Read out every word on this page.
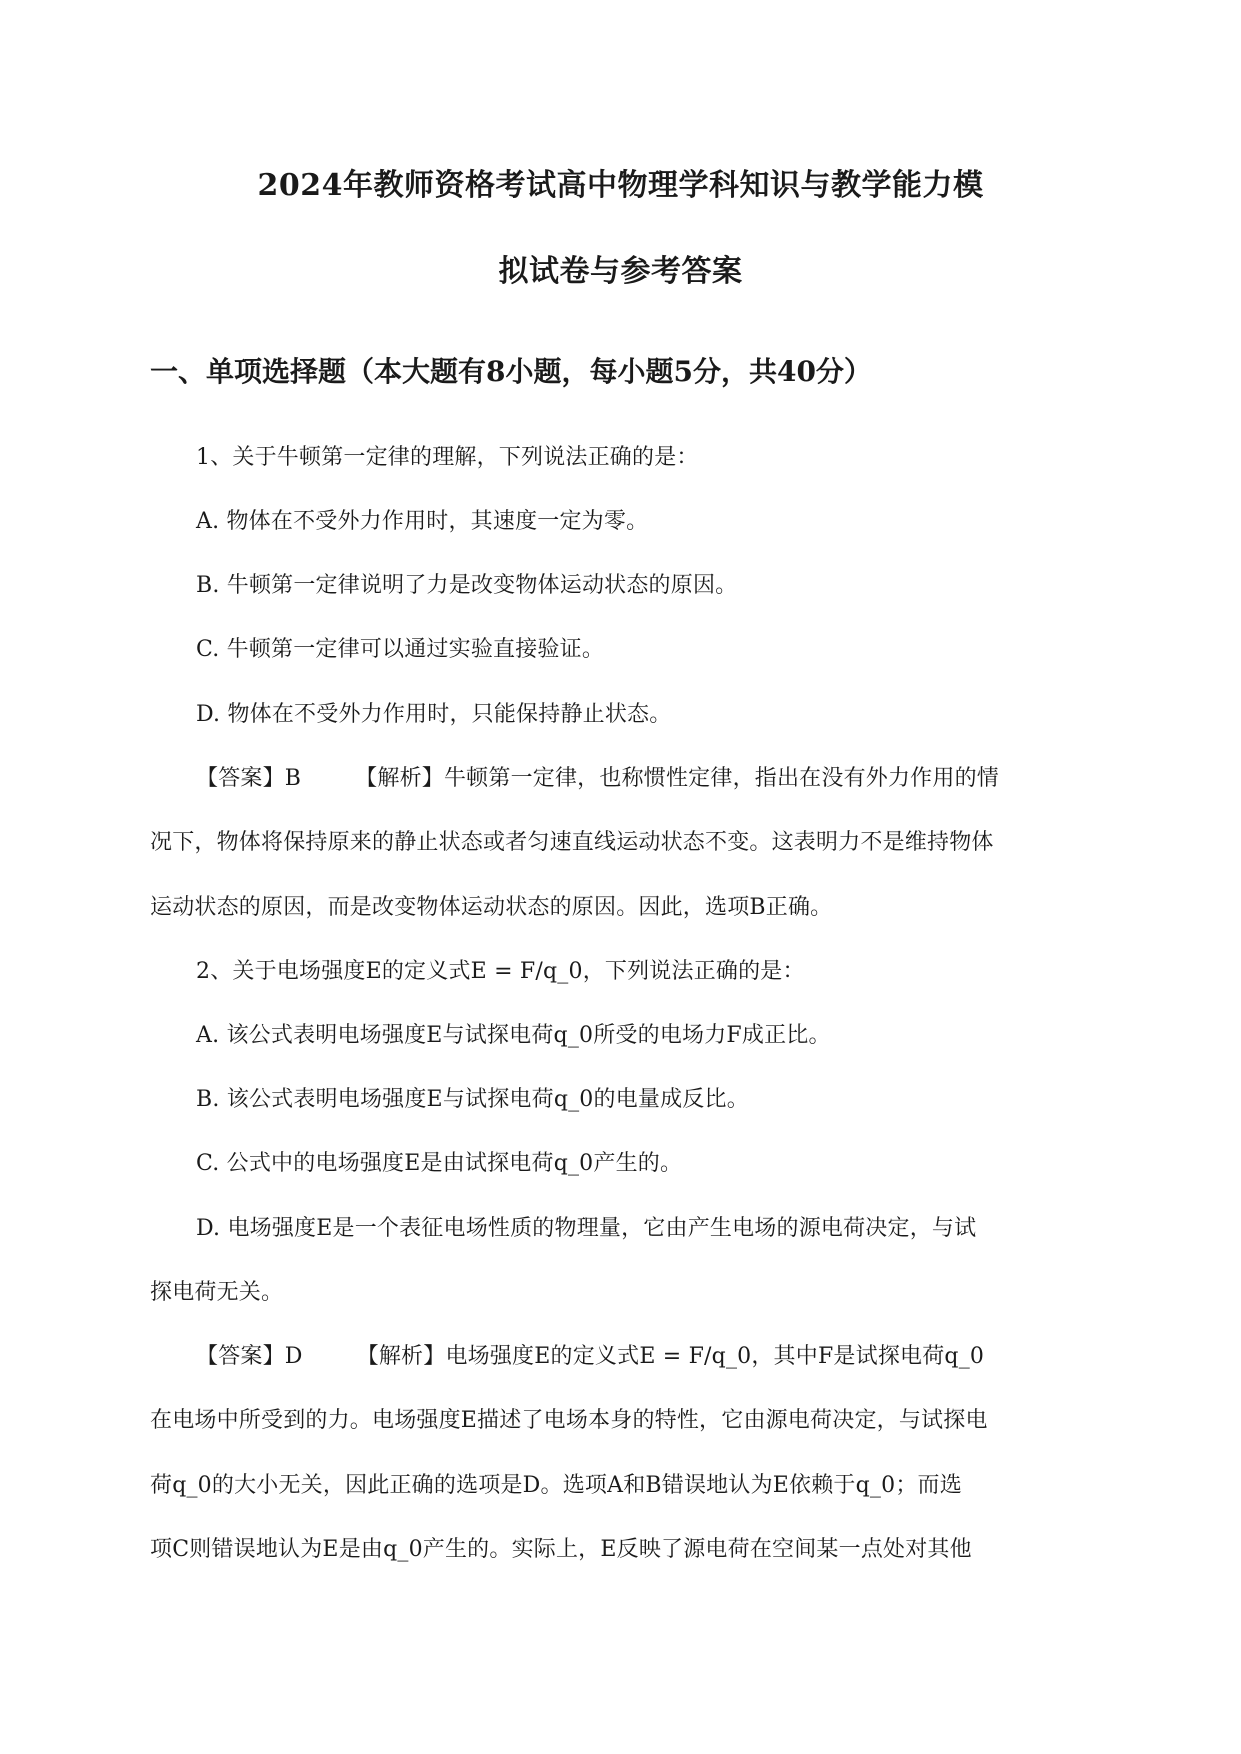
2024年教师资格考试高中物理学科知识与教学能力模
拟试卷与参考答案
一、单项选择题（本大题有8小题，每小题5分，共40分）
1、关于牛顿第一定律的理解，下列说法正确的是：
A. 物体在不受外力作用时，其速度一定为零。
B. 牛顿第一定律说明了力是改变物体运动状态的原因。
C. 牛顿第一定律可以通过实验直接验证。
D. 物体在不受外力作用时，只能保持静止状态。
【答案】B 【解析】牛顿第一定律，也称惯性定律，指出在没有外力作用的情
况下，物体将保持原来的静止状态或者匀速直线运动状态不变。这表明力不是维持物体
运动状态的原因，而是改变物体运动状态的原因。因此，选项B正确。
2、关于电场强度E的定义式E = F/q_0，下列说法正确的是：
A. 该公式表明电场强度E与试探电荷q_0所受的电场力F成正比。
B. 该公式表明电场强度E与试探电荷q_0的电量成反比。
C. 公式中的电场强度E是由试探电荷q_0产生的。
D. 电场强度E是一个表征电场性质的物理量，它由产生电场的源电荷决定，与试
探电荷无关。
【答案】D 【解析】电场强度E的定义式E = F/q_0，其中F是试探电荷q_0
在电场中所受到的力。电场强度E描述了电场本身的特性，它由源电荷决定，与试探电
荷q_0的大小无关，因此正确的选项是D。选项A和B错误地认为E依赖于q_0；而选
项C则错误地认为E是由q_0产生的。实际上，E反映了源电荷在空间某一点处对其他
